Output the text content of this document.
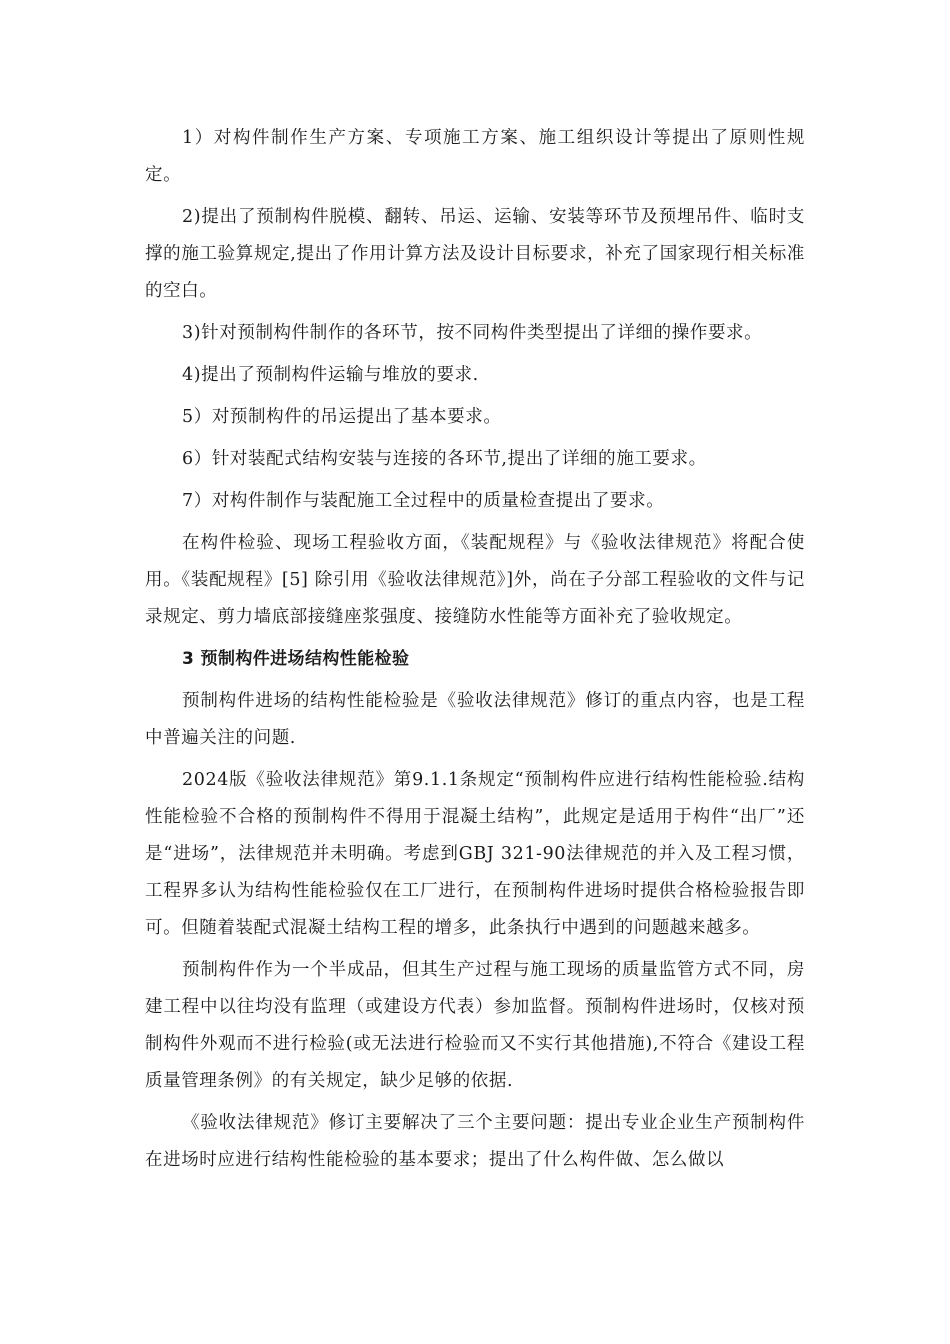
1）对构件制作生产方案、专项施工方案、施工组织设计等提出了原则性规定。

2)提出了预制构件脱模、翻转、吊运、运输、安装等环节及预埋吊件、临时支撑的施工验算规定,提出了作用计算方法及设计目标要求，补充了国家现行相关标准的空白。

3)针对预制构件制作的各环节，按不同构件类型提出了详细的操作要求。

4)提出了预制构件运输与堆放的要求.

5）对预制构件的吊运提出了基本要求。

6）针对装配式结构安装与连接的各环节,提出了详细的施工要求。

7）对构件制作与装配施工全过程中的质量检查提出了要求。

在构件检验、现场工程验收方面，《装配规程》与《验收法律规范》将配合使用。《装配规程》[5] 除引用《验收法律规范》]外，尚在子分部工程验收的文件与记录规定、剪力墙底部接缝座浆强度、接缝防水性能等方面补充了验收规定。

3 预制构件进场结构性能检验

预制构件进场的结构性能检验是《验收法律规范》修订的重点内容，也是工程中普遍关注的问题.

2024版《验收法律规范》第9.1.1条规定“预制构件应进行结构性能检验.结构性能检验不合格的预制构件不得用于混凝土结构”，此规定是适用于构件“出厂”还是“进场”，法律规范并未明确。考虑到GBJ 321-90法律规范的并入及工程习惯，工程界多认为结构性能检验仅在工厂进行，在预制构件进场时提供合格检验报告即可。但随着装配式混凝土结构工程的增多，此条执行中遇到的问题越来越多。

预制构件作为一个半成品，但其生产过程与施工现场的质量监管方式不同，房建工程中以往均没有监理（或建设方代表）参加监督。预制构件进场时，仅核对预制构件外观而不进行检验(或无法进行检验而又不实行其他措施),不符合《建设工程质量管理条例》的有关规定，缺少足够的依据.

《验收法律规范》修订主要解决了三个主要问题：提出专业企业生产预制构件在进场时应进行结构性能检验的基本要求；提出了什么构件做、怎么做以
